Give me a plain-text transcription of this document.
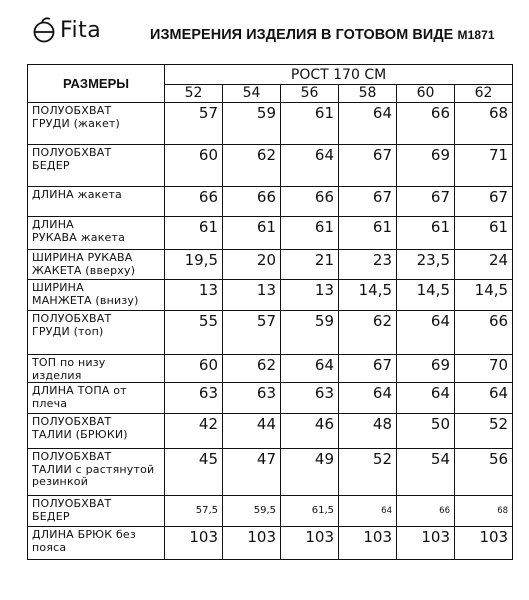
Fita	ИЗМЕРЕНИЯ ИЗДЕЛИЯ В ГОТОВОМ ВИДЕ M1871
РАЗМЕРЫ	РОСТ 170 СМ					
	52	54	56	58	60	62

ПОЛУОБХВАТ
ГРУДИ (жакет)	57	59	61	64	66	68

ПОЛУОБХВАТ
БЕДЕР	60	62	64	67	69	71

ДЛИНА жакета	66	66	66	67	67	67

ДЛИНА
РУКАВА жакета	61	61	61	61	61	61

ШИРИНА РУКАВА
ЖАКЕТА (вверху)	19,5	20	21	23	23,5	24

ШИРИНА
МАНЖЕТА (внизу)	13	13	13	14,5	14,5	14,5

ПОЛУОБХВАТ
ГРУДИ (топ)	55	57	59	62	64	66

ТОП по низу
изделия	60	62	64	67	69	70

ДЛИНА ТОПА от
плеча	63	63	63	64	64	64

ПОЛУОБХВАТ
ТАЛИИ (БРЮКИ)	42	44	46	48	50	52

ПОЛУОБХВАТ
ТАЛИИ с растянутой
резинкой	45	47	49	52	54	56

ПОЛУОБХВАТ
БЕДЕР	57,5	59,5	61,5	64	66	68

ДЛИНА БРЮК без
пояса	103	103	103	103	103	103
